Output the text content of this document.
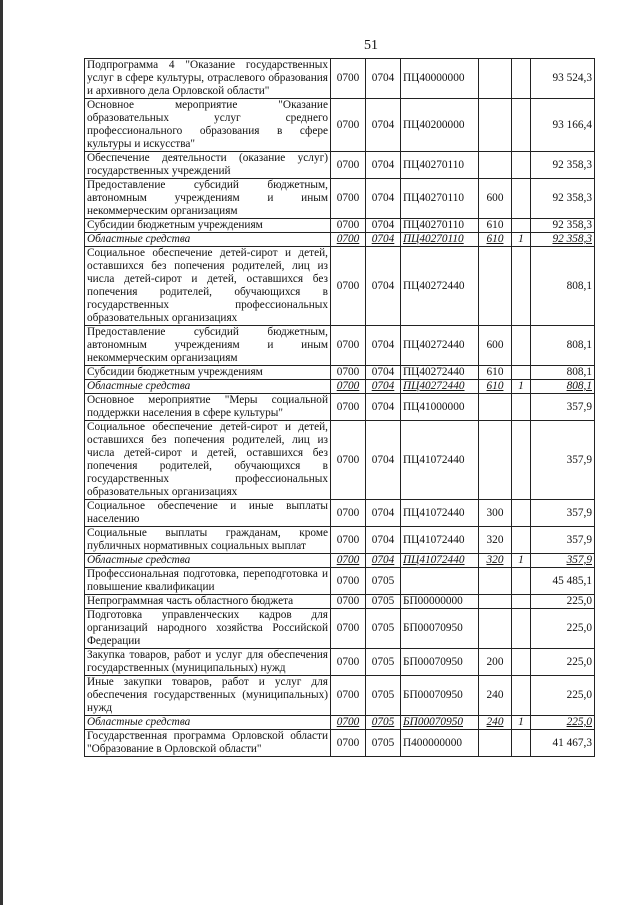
51
Подпрограмма 4 "Оказание государственных услуг в сфере культуры, отраслевого образования и архивного дела Орловской области"	0700	0704	ПЦ40000000			93 524,3
Основное мероприятие "Оказание образовательных услуг среднего профессионального образования в сфере культуры и искусства"	0700	0704	ПЦ40200000			93 166,4
Обеспечение деятельности (оказание услуг) государственных учреждений	0700	0704	ПЦ40270110			92 358,3
Предоставление субсидий бюджетным, автономным учреждениям и иным некоммерческим организациям	0700	0704	ПЦ40270110	600		92 358,3
Субсидии бюджетным учреждениям	0700	0704	ПЦ40270110	610		92 358,3
Областные средства	0700	0704	ПЦ40270110	610	1	92 358,3
Социальное обеспечение детей-сирот и детей, оставшихся без попечения родителей, лиц из числа детей-сирот и детей, оставшихся без попечения родителей, обучающихся в государственных профессиональных образовательных организациях	0700	0704	ПЦ40272440			808,1
Предоставление субсидий бюджетным, автономным учреждениям и иным некоммерческим организациям	0700	0704	ПЦ40272440	600		808,1
Субсидии бюджетным учреждениям	0700	0704	ПЦ40272440	610		808,1
Областные средства	0700	0704	ПЦ40272440	610	1	808,1
Основное мероприятие "Меры социальной поддержки населения в сфере культуры"	0700	0704	ПЦ41000000			357,9
Социальное обеспечение детей-сирот и детей, оставшихся без попечения родителей, лиц из числа детей-сирот и детей, оставшихся без попечения родителей, обучающихся в государственных профессиональных образовательных организациях	0700	0704	ПЦ41072440			357,9
Социальное обеспечение и иные выплаты населению	0700	0704	ПЦ41072440	300		357,9
Социальные выплаты гражданам, кроме публичных нормативных социальных выплат	0700	0704	ПЦ41072440	320		357,9
Областные средства	0700	0704	ПЦ41072440	320	1	357,9
Профессиональная подготовка, переподготовка и повышение квалификации	0700	0705				45 485,1
Непрограммная часть областного бюджета	0700	0705	БП00000000			225,0
Подготовка управленческих кадров для организаций народного хозяйства Российской Федерации	0700	0705	БП00070950			225,0
Закупка товаров, работ и услуг для обеспечения государственных (муниципальных) нужд	0700	0705	БП00070950	200		225,0
Иные закупки товаров, работ и услуг для обеспечения государственных (муниципальных) нужд	0700	0705	БП00070950	240		225,0
Областные средства	0700	0705	БП00070950	240	1	225,0
Государственная программа Орловской области "Образование в Орловской области"	0700	0705	П400000000			41 467,3
